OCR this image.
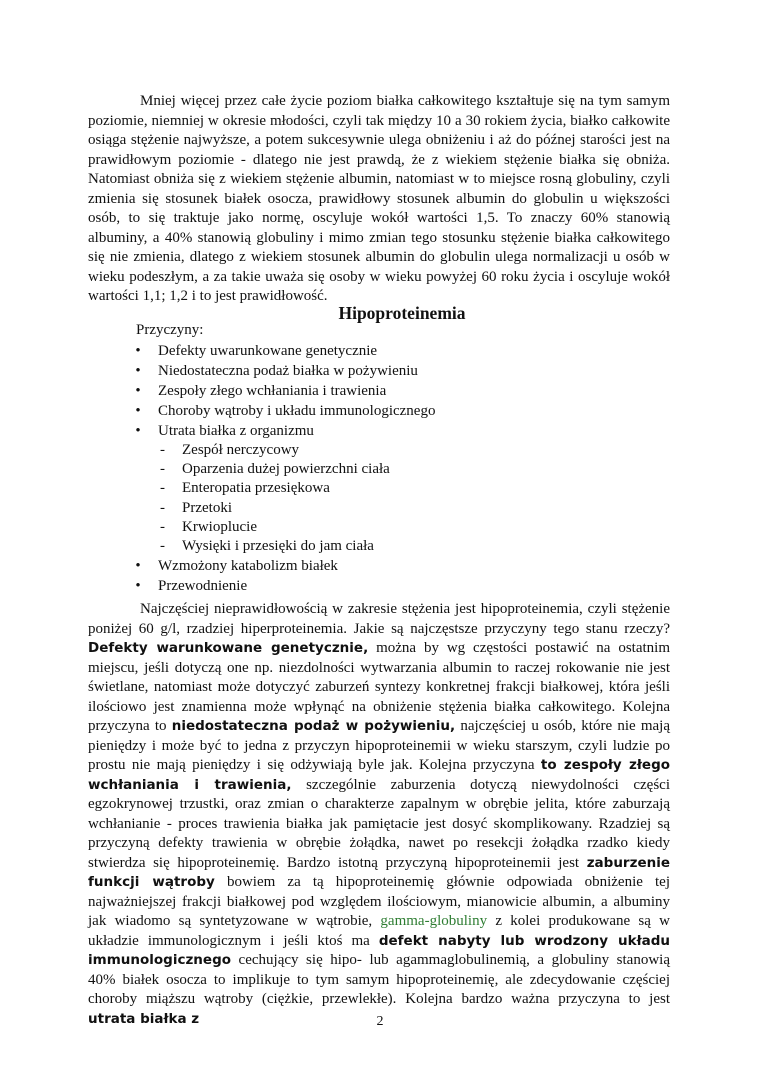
Mniej więcej przez całe życie poziom białka całkowitego kształtuje się na tym samym poziomie, niemniej w okresie młodości, czyli tak między 10 a 30 rokiem życia, białko całkowite osiąga stężenie najwyższe, a potem sukcesywnie ulega obniżeniu i aż do późnej starości jest na prawidłowym poziomie - dlatego nie jest prawdą, że z wiekiem stężenie białka się obniża. Natomiast obniża się z wiekiem stężenie albumin, natomiast w to miejsce rosną globuliny, czyli zmienia się stosunek białek osocza, prawidłowy stosunek albumin do globulin u większości osób, to się traktuje jako normę, oscyluje wokół wartości 1,5. To znaczy 60% stanowią albuminy, a 40% stanowią globuliny i mimo zmian tego stosunku stężenie białka całkowitego się nie zmienia, dlatego z wiekiem stosunek albumin do globulin ulega normalizacji u osób w wieku podeszłym, a za takie uważa się osoby w wieku powyżej 60 roku życia i oscyluje wokół wartości 1,1; 1,2 i to jest prawidłowość.

Hipoproteinemia

Przyczyny:

• Defekty uwarunkowane genetycznie
• Niedostateczna podaż białka w pożywieniu
• Zespoły złego wchłaniania i trawienia
• Choroby wątroby i układu immunologicznego
• Utrata białka z organizmu
- Zespół nerczycowy
- Oparzenia dużej powierzchni ciała
- Enteropatia przesiękowa
- Przetoki
- Krwioplucie
- Wysięki i przesięki do jam ciała
• Wzmożony katabolizm białek
• Przewodnienie

Najczęściej nieprawidłowością w zakresie stężenia jest hipoproteinemia, czyli stężenie poniżej 60 g/l, rzadziej hiperproteinemia. Jakie są najczęstsze przyczyny tego stanu rzeczy? Defekty warunkowane genetycznie, można by wg częstości postawić na ostatnim miejscu, jeśli dotyczą one np. niezdolności wytwarzania albumin to raczej rokowanie nie jest świetlane, natomiast może dotyczyć zaburzeń syntezy konkretnej frakcji białkowej, która jeśli ilościowo jest znamienna może wpłynąć na obniżenie stężenia białka całkowitego. Kolejna przyczyna to niedostateczna podaż w pożywieniu, najczęściej u osób, które nie mają pieniędzy i może być to jedna z przyczyn hipoproteinemii w wieku starszym, czyli ludzie po prostu nie mają pieniędzy i się odżywiają byle jak. Kolejna przyczyna to zespoły złego wchłaniania i trawienia, szczególnie zaburzenia dotyczą niewydolności części egzokrynowej trzustki, oraz zmian o charakterze zapalnym w obrębie jelita, które zaburzają wchłanianie - proces trawienia białka jak pamiętacie jest dosyć skomplikowany. Rzadziej są przyczyną defekty trawienia w obrębie żołądka, nawet po resekcji żołądka rzadko kiedy stwierdza się hipoproteinemię. Bardzo istotną przyczyną hipoproteinemii jest zaburzenie funkcji wątroby bowiem za tą hipoproteinemię głównie odpowiada obniżenie tej najważniejszej frakcji białkowej pod względem ilościowym, mianowicie albumin, a albuminy jak wiadomo są syntetyzowane w wątrobie, gamma-globuliny z kolei produkowane są w układzie immunologicznym i jeśli ktoś ma defekt nabyty lub wrodzony układu immunologicznego cechujący się hipo- lub agammaglobulinemią, a globuliny stanowią 40% białek osocza to implikuje to tym samym hipoproteinemię, ale zdecydowanie częściej choroby miąższu wątroby (ciężkie, przewlekłe). Kolejna bardzo ważna przyczyna to jest utrata białka z	2
